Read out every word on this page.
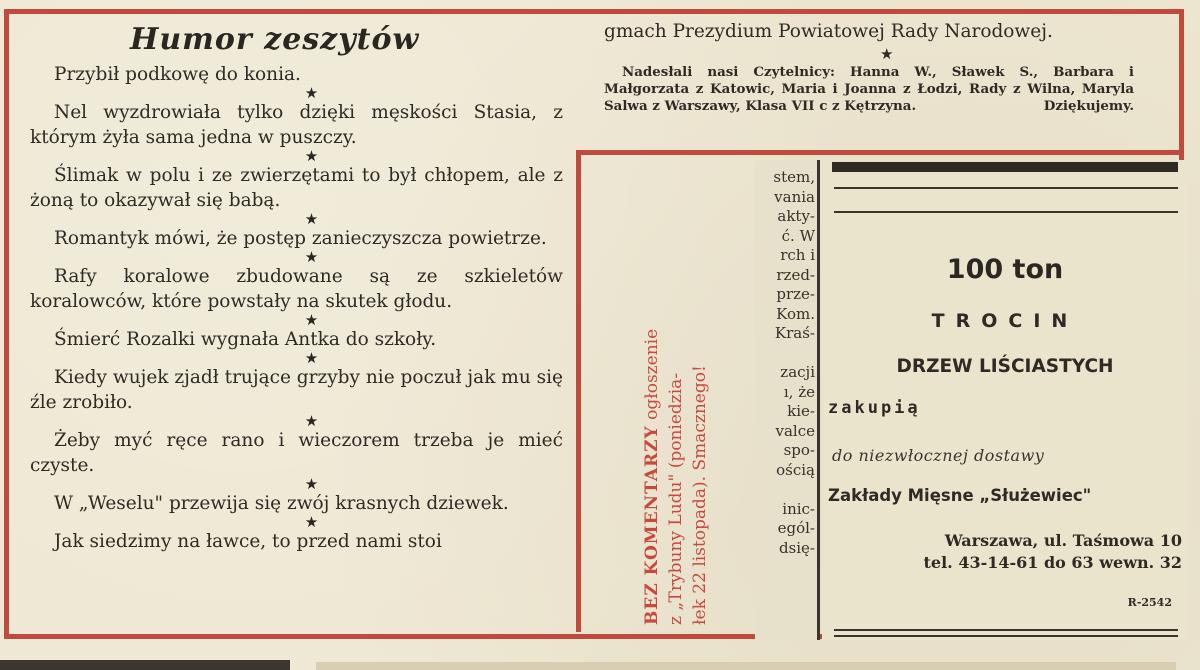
Humor zeszytów

Przybił podkowę do konia.

★

Nel wyzdrowiała tylko dzięki męskości Stasia, z którym żyła sama jedna w puszczy.

★

Ślimak w polu i ze zwierzętami to był chłopem, ale z żoną to okazywał się babą.

★

Romantyk mówi, że postęp zanieczyszcza powietrze.

★

Rafy koralowe zbudowane są ze szkieletów koralowców, które powstały na skutek głodu.

★

Śmierć Rozalki wygnała Antka do szkoły.

★

Kiedy wujek zjadł trujące grzyby nie poczuł jak mu się źle zrobiło.

★

Żeby myć ręce rano i wieczorem trzeba je mieć czyste.

★

W „Weselu" przewija się zwój krasnych dziewek.

★

Jak siedzimy na ławce, to przed nami stoi

gmach Prezydium Powiatowej Rady Narodowej.
★
Nadesłali nasi Czytelnicy: Hanna W., Sławek S., Barbara i Małgorzata z Katowic, Maria i Joanna z Łodzi, Rady z Wilna, Maryla Salwa z Warszawy, Klasa VII c z Kętrzyna.	Dziękujemy.

BEZ KOMENTARZY ogłoszenie z „Trybuny Ludu" (poniedzia- łek 22 listopada). Smacznego!

stem,
vania
akty-
ć. W
rch i
rzed-
prze-
Kom.
Kraś-
zacji
ı, że
kie-
valce
spo-
ością
inic-
egól-
dsię-
100 ton
TROCIN
DRZEW LIŚCIASTYCH
zakupią
do niezwłocznej dostawy
Zakłady Mięsne „Służewiec"
Warszawa, ul. Taśmowa 10
tel. 43-14-61 do 63 wewn. 32
R-2542
